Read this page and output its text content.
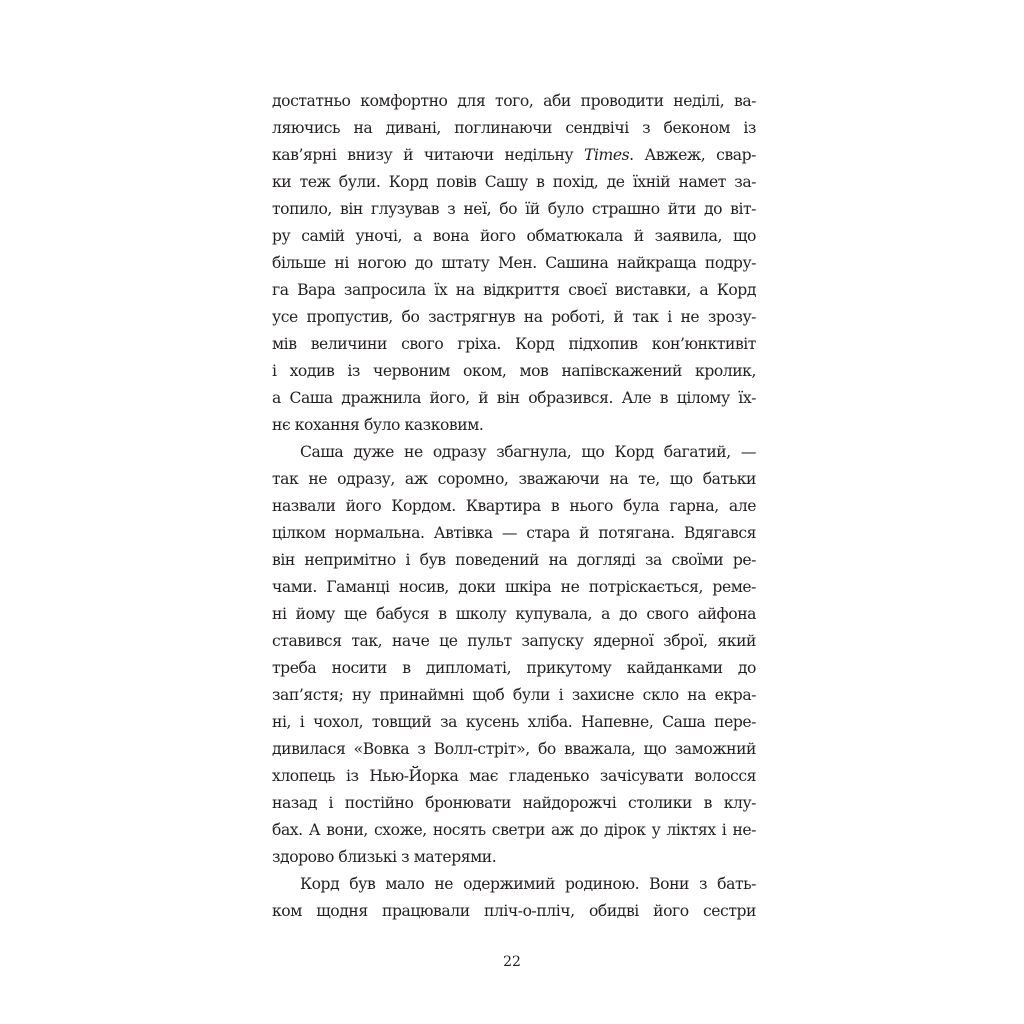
достатньо комфортно для того, аби проводити неділі, ва-
ляючись на дивані, поглинаючи сендвічі з беконом із
кав’ярні внизу й читаючи недільну Times. Авжеж, свар-
ки теж були. Корд повів Сашу в похід, де їхній намет за-
топило, він глузував з неї, бо їй було страшно йти до віт-
ру самій уночі, а вона його обматюкала й заявила, що
більше ні ногою до штату Мен. Сашина найкраща подру-
га Вара запросила їх на відкриття своєї виставки, а Корд
усе пропустив, бо застрягнув на роботі, й так і не зрозу-
мів величини свого гріха. Корд підхопив кон’юнктивіт
і ходив із червоним оком, мов напівскажений кролик,
а Саша дражнила його, й він образився. Але в цілому їх-
нє кохання було казковим.
Саша дуже не одразу збагнула, що Корд багатий, —
так не одразу, аж соромно, зважаючи на те, що батьки
назвали його Кордом. Квартира в нього була гарна, але
цілком нормальна. Автівка — стара й потягана. Вдягався
він непримітно і був поведений на догляді за своїми ре-
чами. Гаманці носив, доки шкіра не потріскається, реме-
ні йому ще бабуся в школу купувала, а до свого айфона
ставився так, наче це пульт запуску ядерної зброї, який
треба носити в дипломаті, прикутому кайданками до
зап’ястя; ну принаймні щоб були і захисне скло на екра-
ні, і чохол, товщий за кусень хліба. Напевне, Саша пере-
дивилася «Вовка з Волл-стріт», бо вважала, що заможний
хлопець із Нью-Йорка має гладенько зачісувати волосся
назад і постійно бронювати найдорожчі столики в клу-
бах. А вони, схоже, носять светри аж до дірок у ліктях і не-
здорово близькі з матерями.
Корд був мало не одержимий родиною. Вони з бать-
ком щодня працювали пліч-о-пліч, обидві його сестри
22
